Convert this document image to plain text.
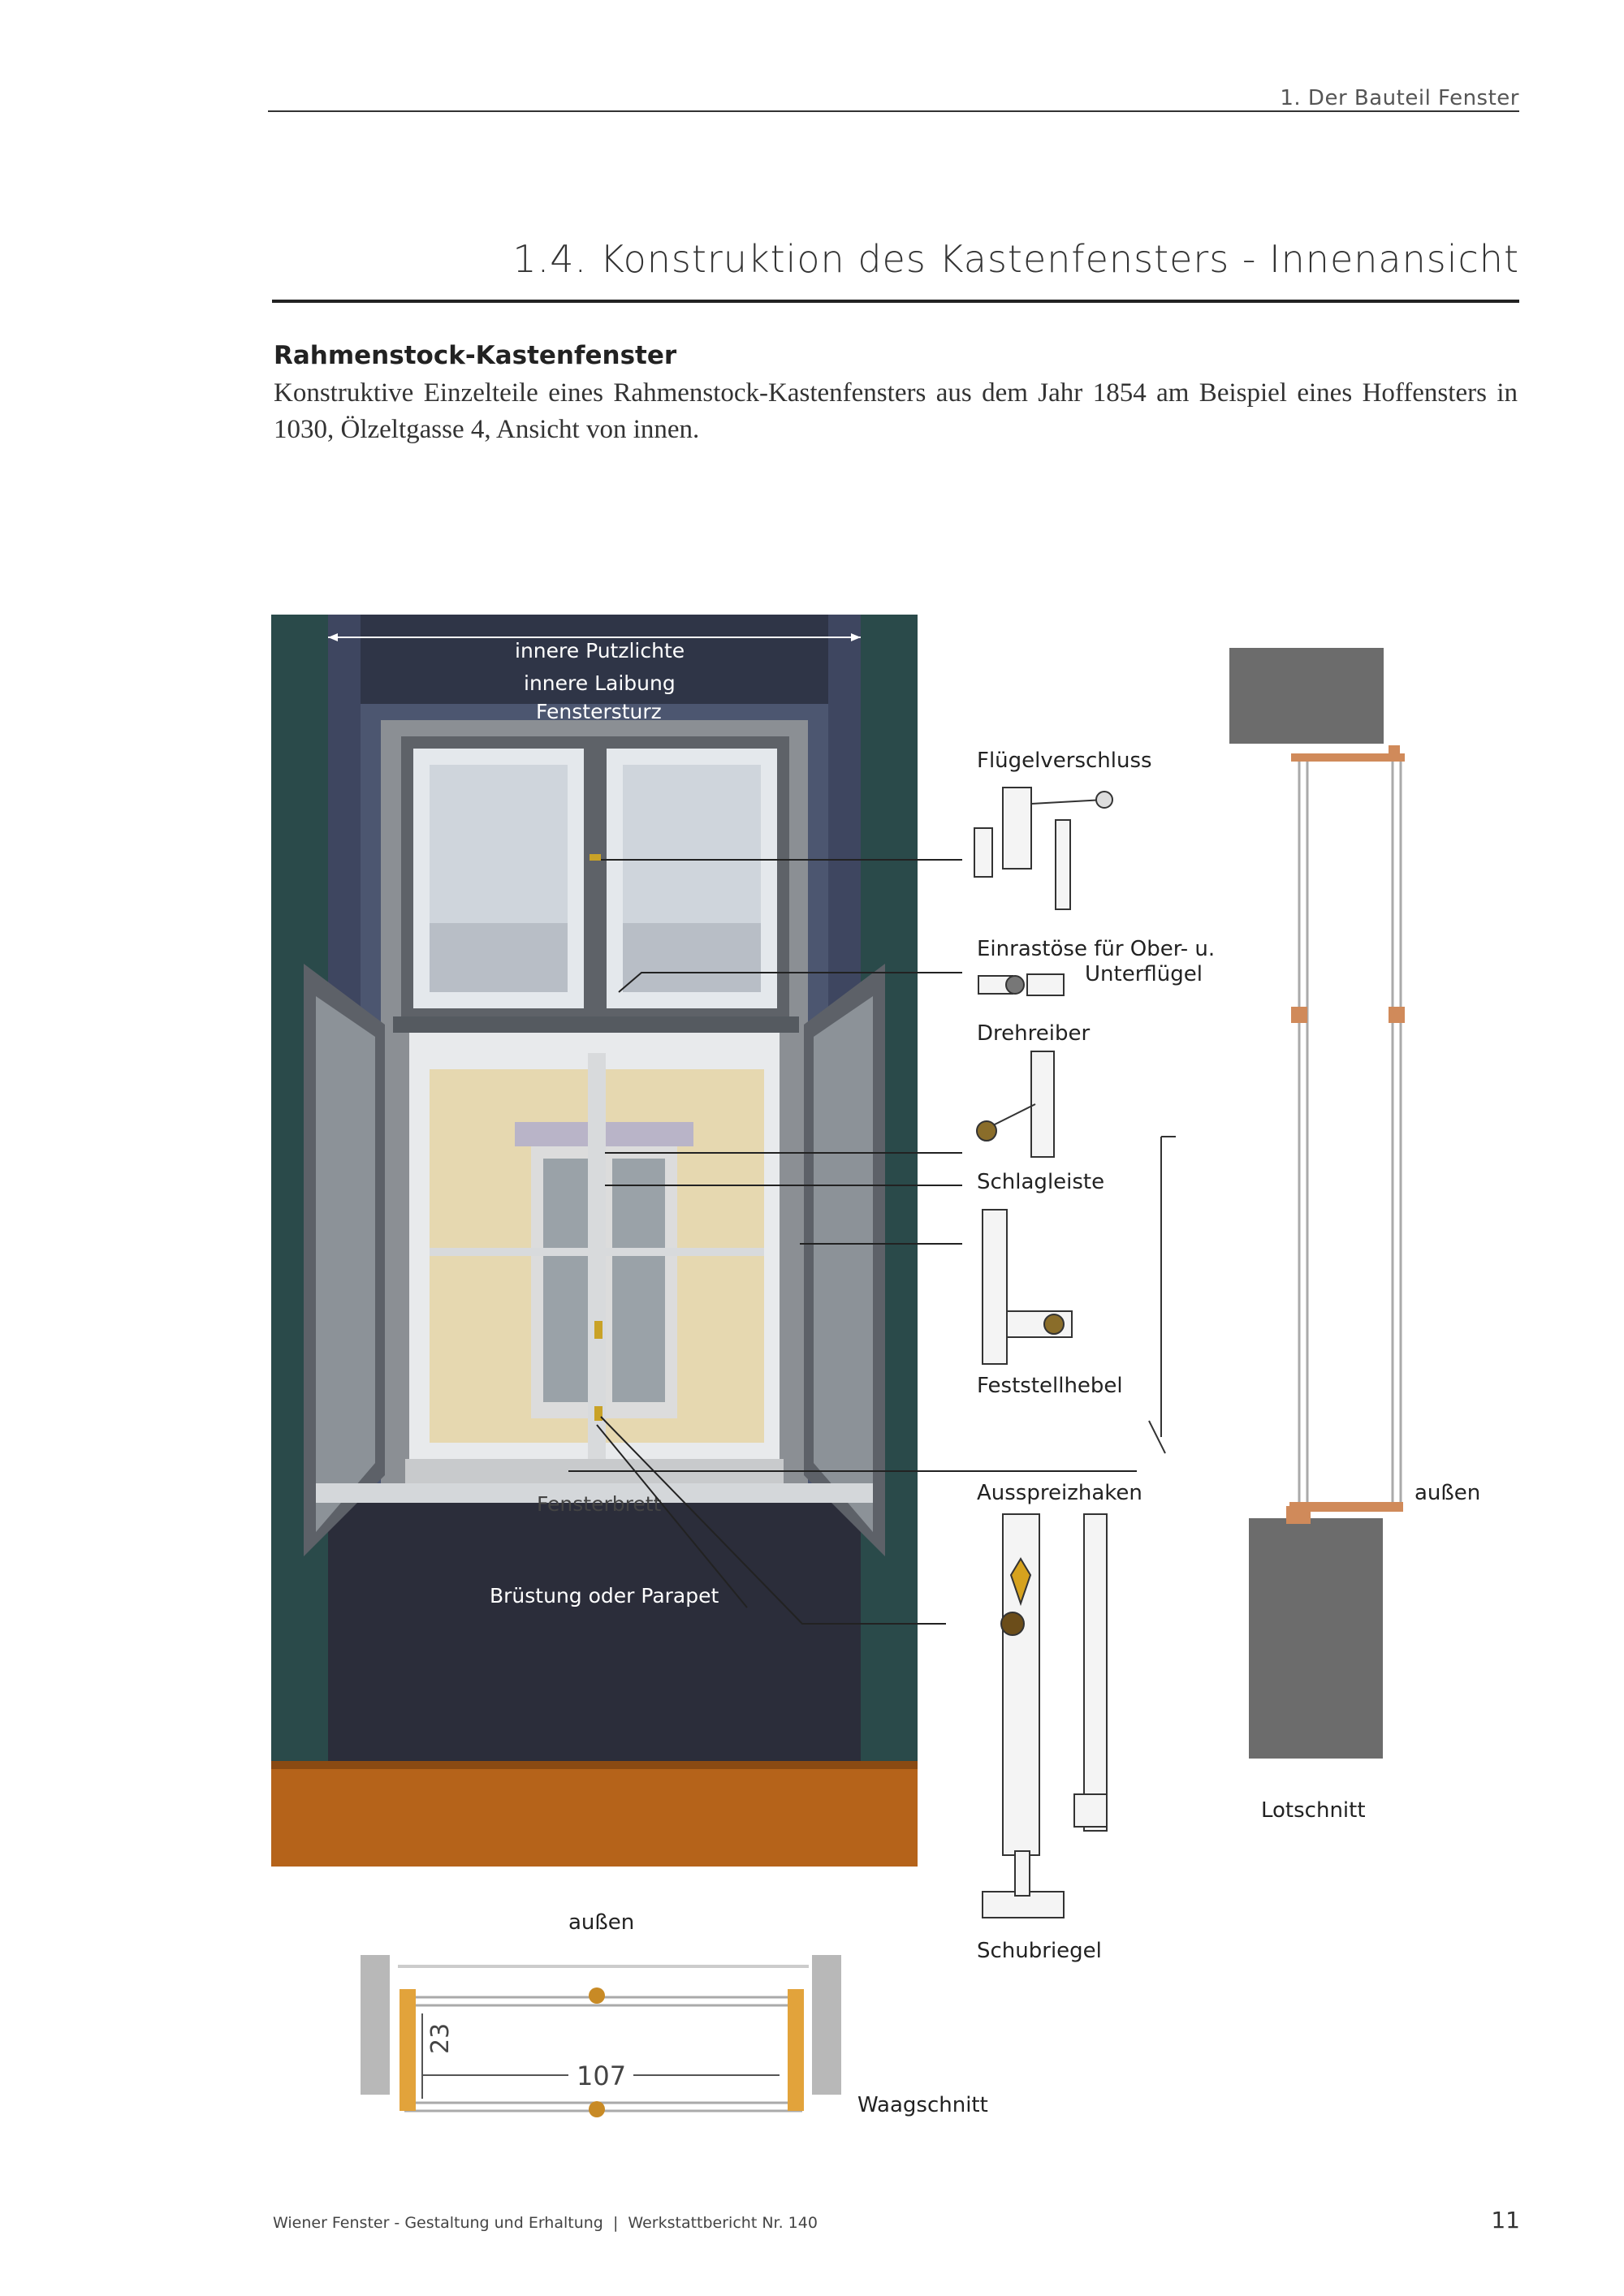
1. Der Bauteil Fenster
1.4. Konstruktion des Kastenfensters - Innenansicht
Rahmenstock-Kastenfenster
Konstruktive Einzelteile eines Rahmenstock-Kastenfensters aus dem Jahr 1854 am Beispiel eines Hoffensters in 1030, Ölzeltgasse 4, Ansicht von innen.
innere Putzlichte
innere Laibung
Fenstersturz
Fensterbrett
Brüstung oder Parapet
Flügelverschluss
Einrastöse für Ober- u.
Unterflügel
Drehreiber
Schlagleiste
Feststellhebel
Ausspreizhaken
Schubriegel
außen
Lotschnitt
außen
23
107
Waagschnitt
Wiener Fenster - Gestaltung und Erhaltung  |  Werkstattbericht Nr. 140	11
